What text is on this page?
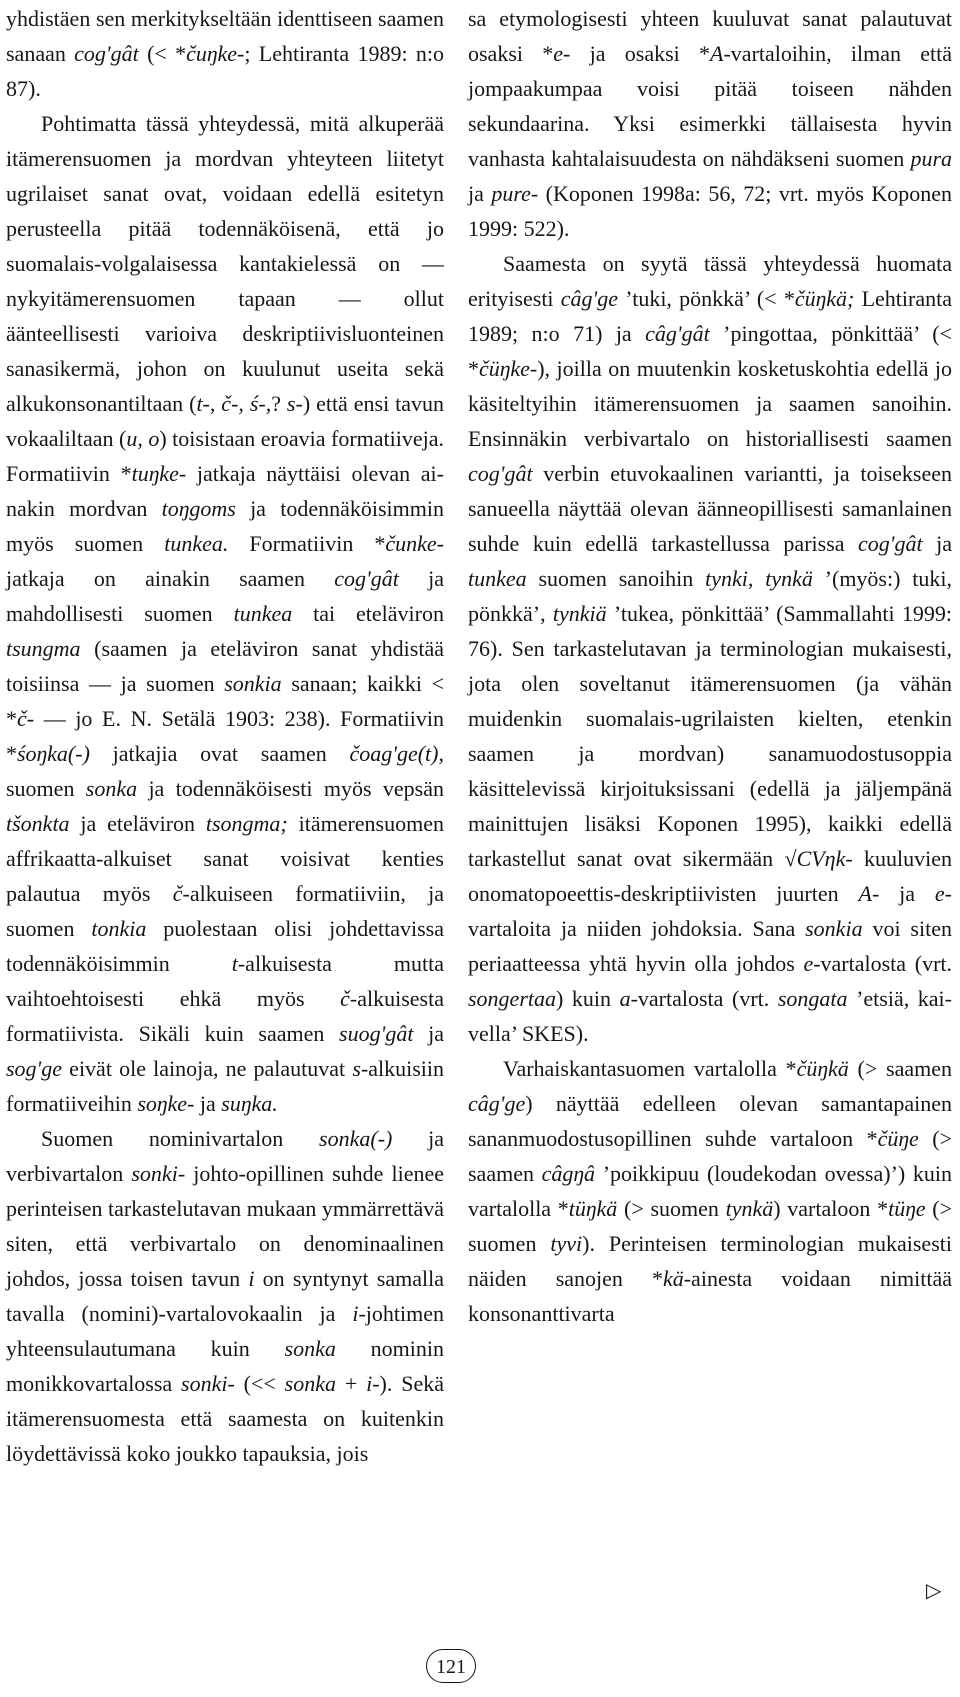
yhdistäen sen merkitykseltään identtiseen saamen sanaan cog'gât (< *čuŋke-; Lehtiranta 1989: n:o 87).

Pohtimatta tässä yhteydessä, mitä alkuperää itämerensuomen ja mordvan yhteyteen liitetyt ugrilaiset sanat ovat, voidaan edellä esitetyn perusteella pitää todennäköisenä, että jo suomalais-volgalaisessa kantakielessä on — nykyitämerensuomen tapaan — ollut äänteellisesti varioiva deskriptiivisluonteinen sanasikermä, johon on kuulunut useita sekä alkukonsonantiltaan (t-, č-, ś-,? s-) että ensi tavun vokaaliltaan (u, o) toisistaan eroavia formatiiveja. Formatiivin *tuŋke- jatkaja näyttäisi olevan ainakin mordvan toŋgoms ja todennäköisimmin myös suomen tunkea. Formatiivin *čunke- jatkaja on ainakin saamen cog'gât ja mahdollisesti suomen tunkea tai eteläviron tsungma (saamen ja eteläviron sanat yhdistää toisiinsa — ja suomen sonkia sanaan; kaikki < *č- — jo E. N. Setälä 1903: 238). Formatiivin *śoŋka(-) jatkajia ovat saamen čoag'ge(t), suomen sonka ja todennäköisesti myös vepsän tšonkta ja eteläviron tsongma; itämerensuomen affrikaatta-alkuiset sanat voisivat kenties palautua myös č-alkuiseen formatiiviin, ja suomen tonkia puolestaan olisi johdettavissa todennäköisimmin t-alkuisesta mutta vaihtoehtoisesti ehkä myös č-alkuisesta formatiivista. Sikäli kuin saamen suog'gât ja sog'ge eivät ole lainoja, ne palautuvat s-alkuisiin formatiiveihin soŋke- ja suŋka.

Suomen nominivartalon sonka(-) ja verbivartalon sonki- johto-opillinen suhde lienee perinteisen tarkastelutavan mukaan ymmärrettävä siten, että verbivartalo on denominaalinen johdos, jossa toisen tavun i on syntynyt samalla tavalla (nomini)-vartalovokaalin ja i-johtimen yhteensulautumana kuin sonka nominin monikkovartalossa sonki- (<< sonka + i-). Sekä itämerensuomesta että saamesta on kuitenkin löydettävissä koko joukko tapauksia, jois

sa etymologisesti yhteen kuuluvat sanat palautuvat osaksi *e- ja osaksi *A-vartaloihin, ilman että jompaakumpaa voisi pitää toiseen nähden sekundaarina. Yksi esimerkki tällaisesta hyvin vanhasta kahtalaisuudesta on nähdäkseni suomen pura ja pure- (Koponen 1998a: 56, 72; vrt. myös Koponen 1999: 522).

Saamesta on syytä tässä yhteydessä huomata erityisesti câg'ge ’tuki, pönkkä’ (< *čüŋkä; Lehtiranta 1989; n:o 71) ja câg'gât ’pingottaa, pönkittää’ (< *čüŋke-), joilla on muutenkin kosketuskohtia edellä jo käsiteltyihin itämerensuomen ja saamen sanoihin. Ensinnäkin verbivartalo on historiallisesti saamen cog'gât verbin etuvokaalinen variantti, ja toisekseen sanueella näyttää olevan äänneopillisesti samanlainen suhde kuin edellä tarkastellussa parissa cog'gât ja tunkea suomen sanoihin tynki, tynkä ’(myös:) tuki, pönkkä’, tynkiä ’tukea, pönkittää’ (Sammallahti 1999: 76). Sen tarkastelutavan ja terminologian mukaisesti, jota olen soveltanut itämerensuomen (ja vähän muidenkin suomalais-ugrilaisten kielten, etenkin saamen ja mordvan) sanamuodostusoppia käsittelevissä kirjoituksissani (edellä ja jäljempänä mainittujen lisäksi Koponen 1995), kaikki edellä tarkastellut sanat ovat sikermään √CVηk- kuuluvien onomatopoeettis-deskriptiivisten juurten A- ja e-vartaloita ja niiden johdoksia. Sana sonkia voi siten periaatteessa yhtä hyvin olla johdos e-vartalosta (vrt. songertaa) kuin a-vartalosta (vrt. songata ’etsiä, kaivella’ SKES).

Varhaiskantasuomen vartalolla *čüŋkä (> saamen câg'ge) näyttää edelleen olevan samantapainen sananmuodostusopillinen suhde vartaloon *čüŋe (> saamen câgŋâ ’poikkipuu (loudekodan ovessa)’) kuin vartalolla *tüŋkä (> suomen tynkä) vartaloon *tüŋe (> suomen tyvi). Perinteisen terminologian mukaisesti näiden sanojen *kä-ainesta voidaan nimittää konsonanttivarta

▷
121
